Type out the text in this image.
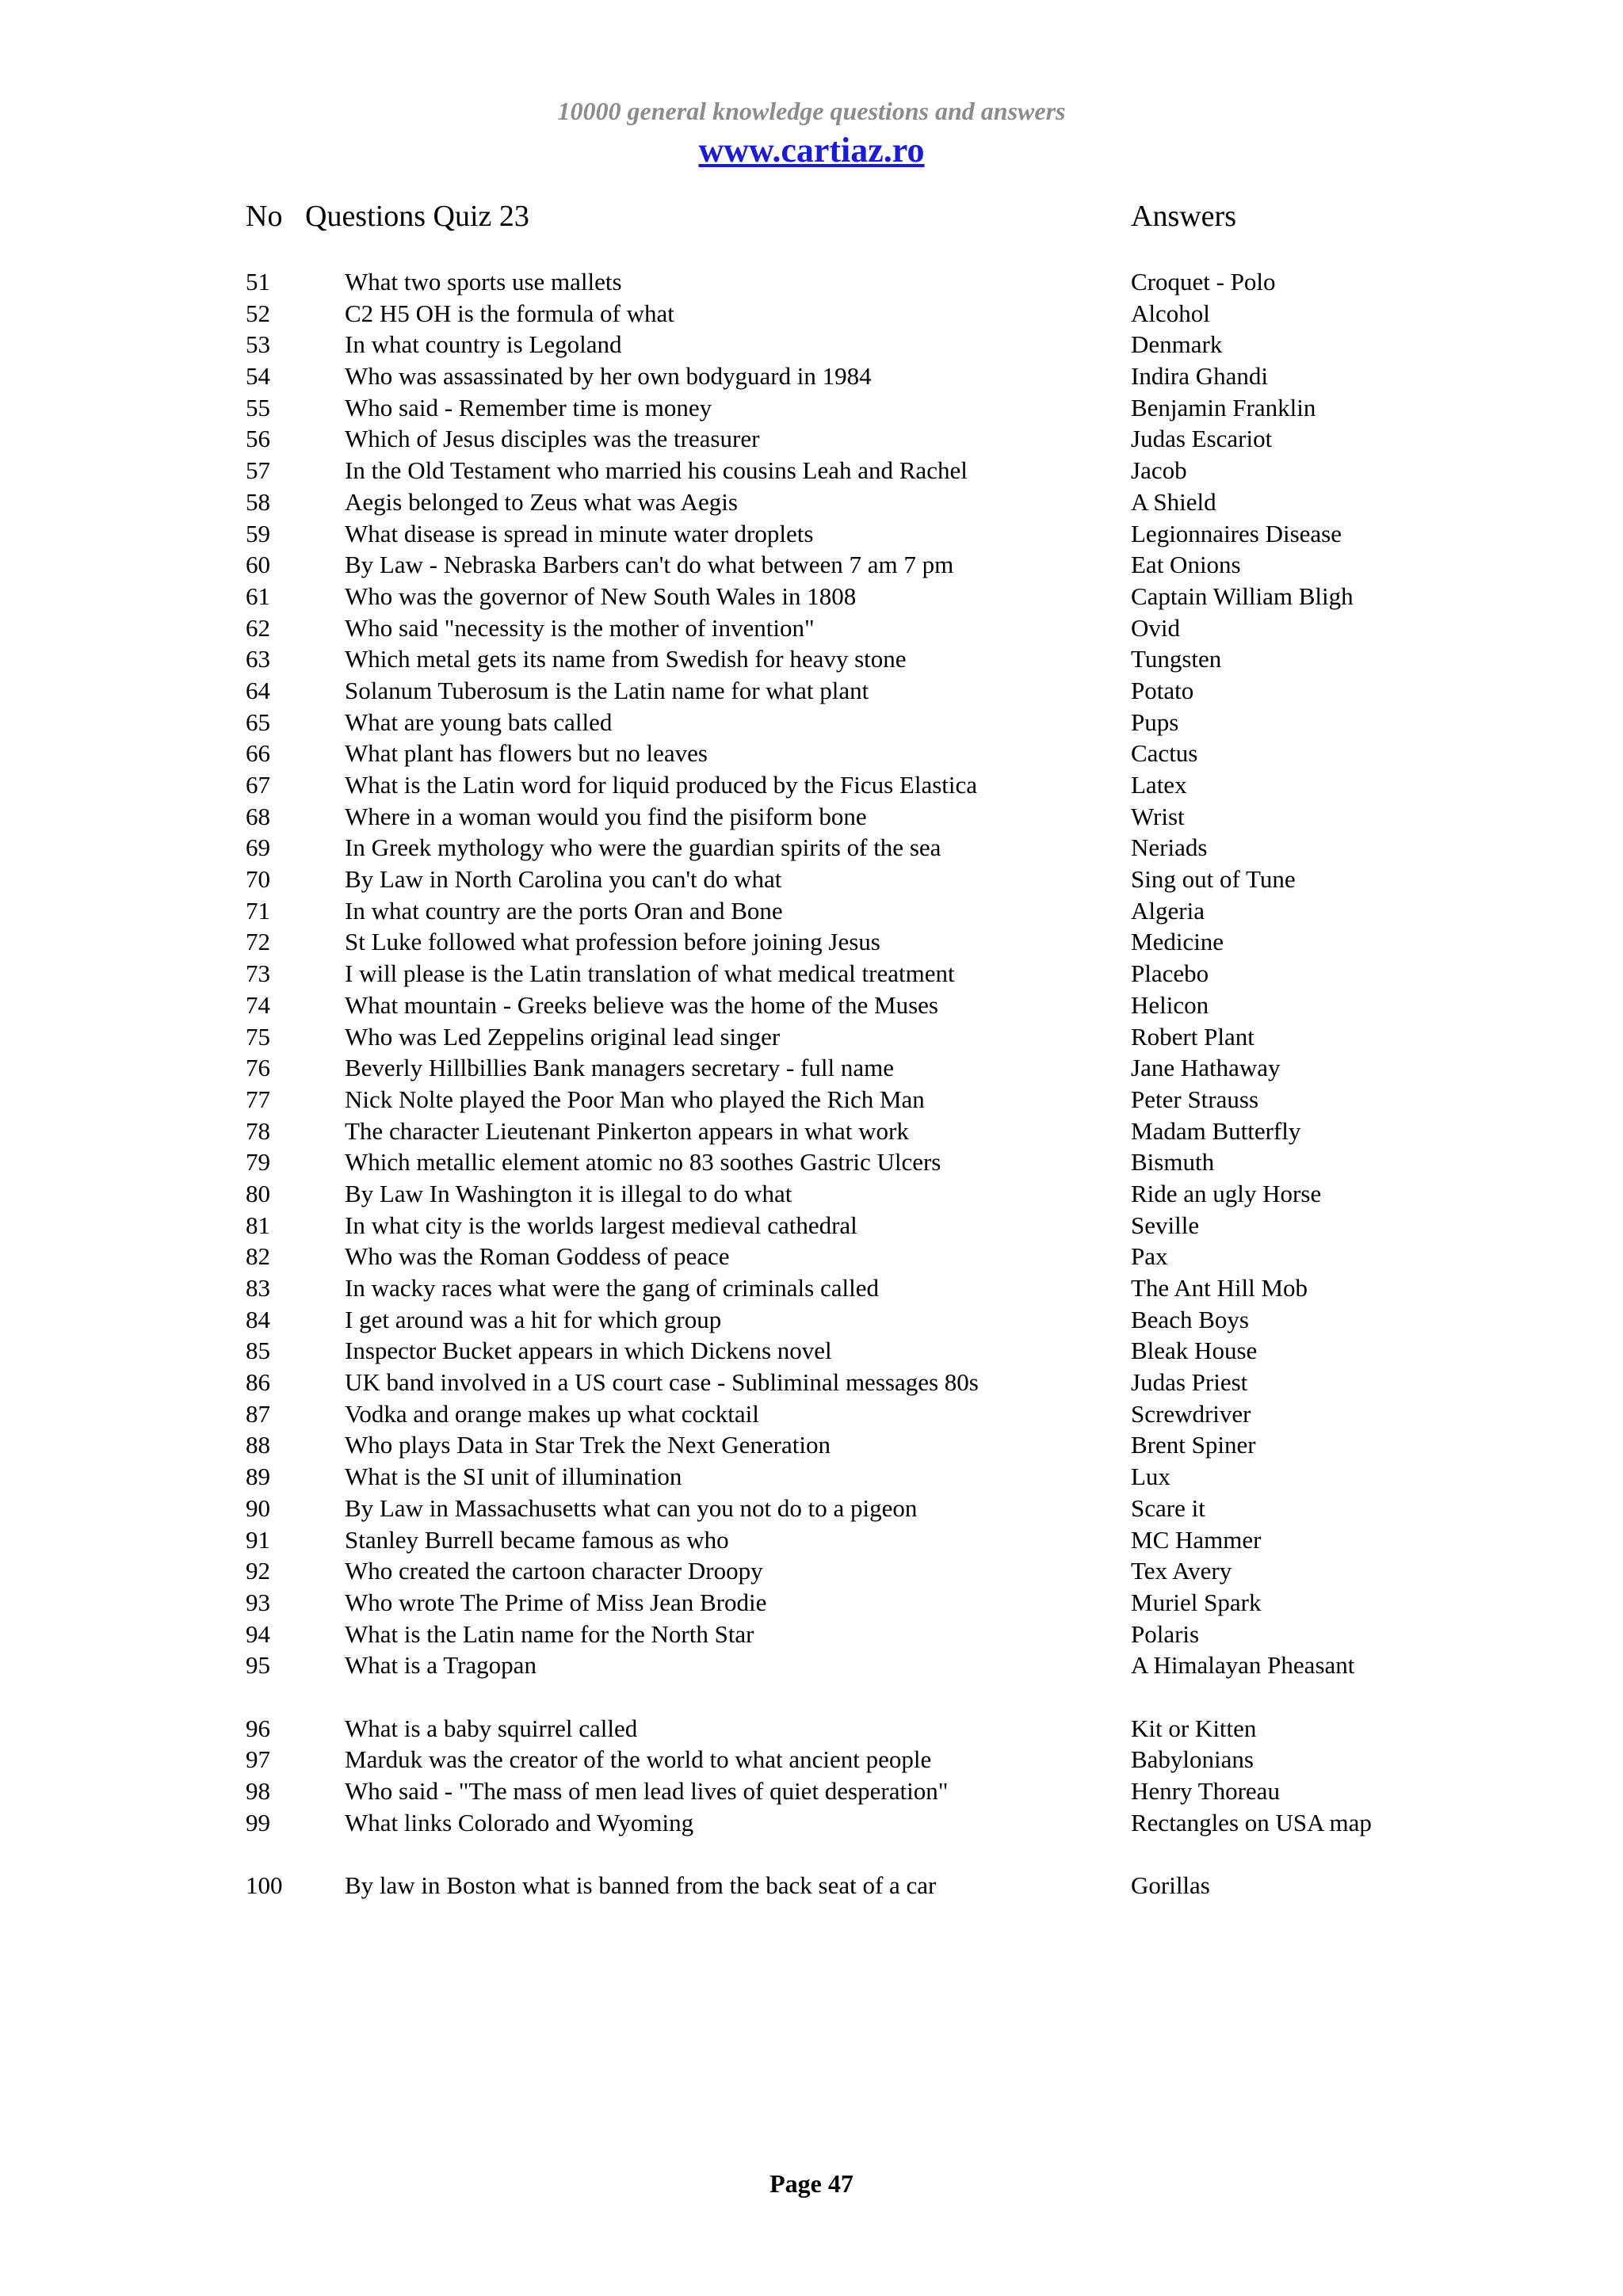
10000 general knowledge questions and answers
www.cartiaz.ro
No Questions Quiz 23	Answers
51	What two sports use mallets	Croquet - Polo
52	C2 H5 OH is the formula of what	Alcohol
53	In what country is Legoland	Denmark
54	Who was assassinated by her own bodyguard in 1984	Indira Ghandi
55	Who said - Remember time is money	Benjamin Franklin
56	Which of Jesus disciples was the treasurer	Judas Escariot
57	In the Old Testament who married his cousins Leah and Rachel	Jacob
58	Aegis belonged to Zeus what was Aegis	A Shield
59	What disease is spread in minute water droplets	Legionnaires Disease
60	By Law - Nebraska Barbers can't do what between 7 am 7 pm	Eat Onions
61	Who was the governor of New South Wales in 1808	Captain William Bligh
62	Who said "necessity is the mother of invention"	Ovid
63	Which metal gets its name from Swedish for heavy stone	Tungsten
64	Solanum Tuberosum is the Latin name for what plant	Potato
65	What are young bats called	Pups
66	What plant has flowers but no leaves	Cactus
67	What is the Latin word for liquid produced by the Ficus Elastica	Latex
68	Where in a woman would you find the pisiform bone	Wrist
69	In Greek mythology who were the guardian spirits of the sea	Neriads
70	By Law in North Carolina you can't do what	Sing out of Tune
71	In what country are the ports Oran and Bone	Algeria
72	St Luke followed what profession before joining Jesus	Medicine
73	I will please is the Latin translation of what medical treatment	Placebo
74	What mountain - Greeks believe was the home of the Muses	Helicon
75	Who was Led Zeppelins original lead singer	Robert Plant
76	Beverly Hillbillies Bank managers secretary - full name	Jane Hathaway
77	Nick Nolte played the Poor Man who played the Rich Man	Peter Strauss
78	The character Lieutenant Pinkerton appears in what work	Madam Butterfly
79	Which metallic element atomic no 83 soothes Gastric Ulcers	Bismuth
80	By Law In Washington it is illegal to do what	Ride an ugly Horse
81	In what city is the worlds largest medieval cathedral	Seville
82	Who was the Roman Goddess of peace	Pax
83	In wacky races what were the gang of criminals called	The Ant Hill Mob
84	I get around was a hit for which group	Beach Boys
85	Inspector Bucket appears in which Dickens novel	Bleak House
86	UK band involved in a US court case - Subliminal messages 80s	Judas Priest
87	Vodka and orange makes up what cocktail	Screwdriver
88	Who plays Data in Star Trek the Next Generation	Brent Spiner
89	What is the SI unit of illumination	Lux
90	By Law in Massachusetts what can you not do to a pigeon	Scare it
91	Stanley Burrell became famous as who	MC Hammer
92	Who created the cartoon character Droopy	Tex Avery
93	Who wrote The Prime of Miss Jean Brodie	Muriel Spark
94	What is the Latin name for the North Star	Polaris
95	What is a Tragopan	A Himalayan Pheasant
96	What is a baby squirrel called	Kit or Kitten
97	Marduk was the creator of the world to what ancient people	Babylonians
98	Who said - "The mass of men lead lives of quiet desperation"	Henry Thoreau
99	What links Colorado and Wyoming	Rectangles on USA map
100	By law in Boston what is banned from the back seat of a car	Gorillas
Page 47
